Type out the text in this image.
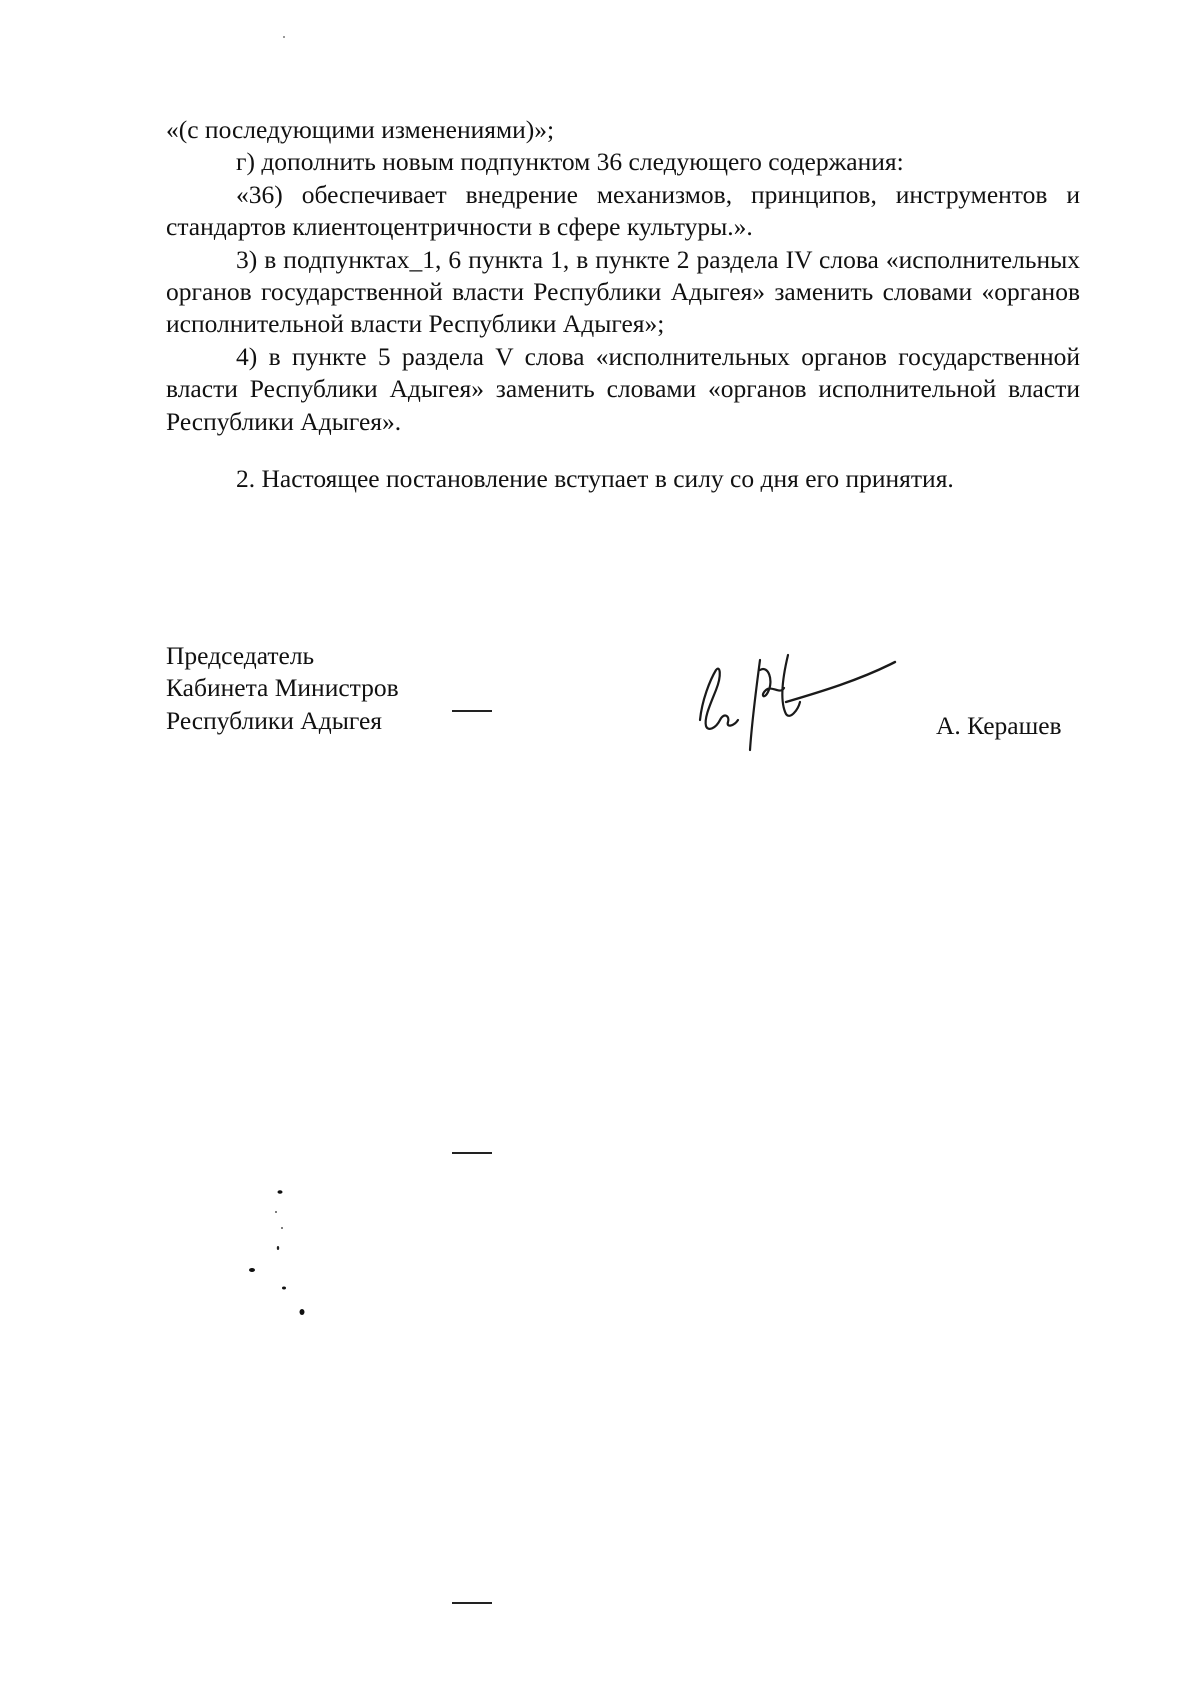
«(с последующими изменениями)»;

г) дополнить новым подпунктом 36 следующего содержания:

«36) обеспечивает внедрение механизмов, принципов, инструментов и стандартов клиентоцентричности в сфере культуры.».

3) в подпунктах_1, 6 пункта 1, в пункте 2 раздела IV слова «исполнительных органов государственной власти Республики Адыгея» заменить словами «органов исполнительной власти Республики Адыгея»;

4) в пункте 5 раздела V слова «исполнительных органов государственной власти Республики Адыгея» заменить словами «органов исполнительной власти Республики Адыгея».

2. Настоящее постановление вступает в силу со дня его принятия.

Председатель
Кабинета Министров
Республики Адыгея	А. Керашев
